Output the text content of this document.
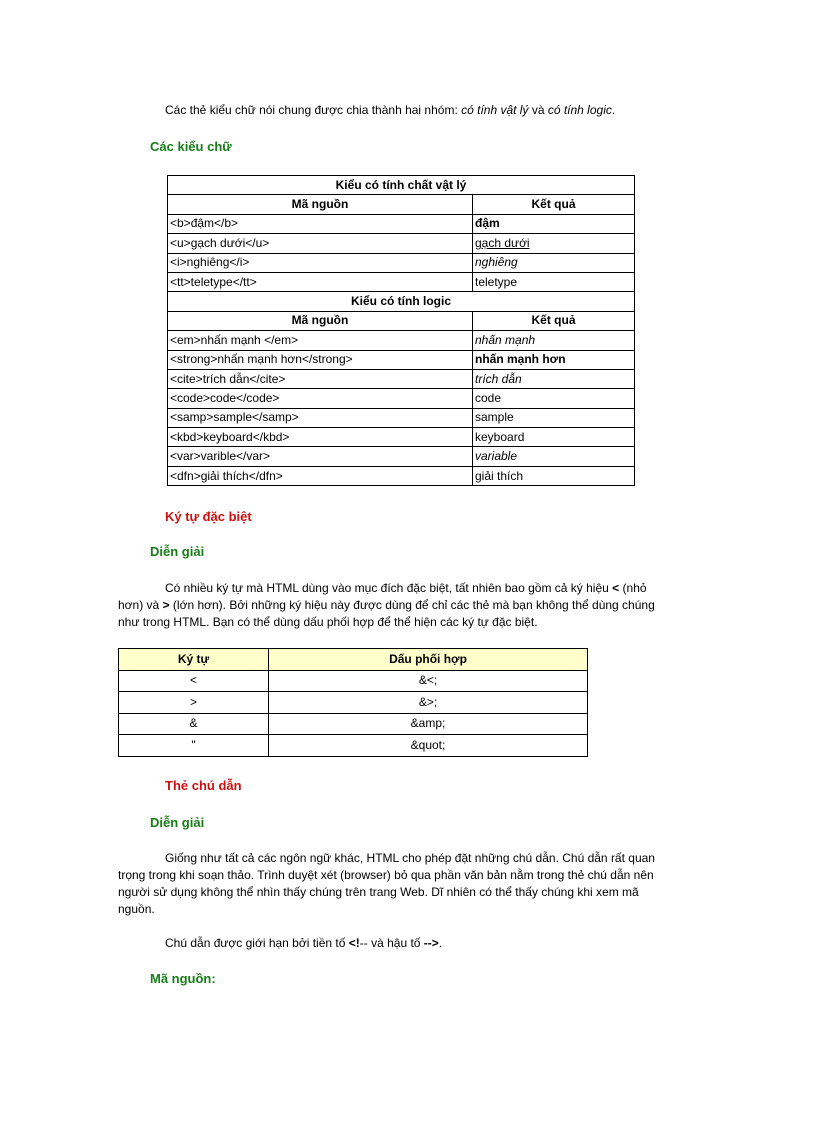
Các thẻ kiểu chữ nói chung được chia thành hai nhóm: có tính vật lý và có tính logic.
Các kiểu chữ
Kiểu có tính chất vật lý	
Mã nguồn	Kết quả
<b>đậm</b>	đậm
<u>gạch dưới</u>	gạch dưới
<i>nghiêng</i>	nghiêng
<tt>teletype</tt>	teletype
Kiểu có tính logic	
Mã nguồn	Kết quả
<em>nhấn mạnh </em>	nhấn mạnh
<strong>nhấn mạnh hơn</strong>	nhấn mạnh hơn
<cite>trích dẫn</cite>	trích dẫn
<code>code</code>	code
<samp>sample</samp>	sample
<kbd>keyboard</kbd>	keyboard
<var>varible</var>	variable
<dfn>giải thích</dfn>	giải thích
Ký tự đặc biệt
Diễn giải
Có nhiều ký tự mà HTML dùng vào mục đích đặc biệt, tất nhiên bao gồm cả ký hiệu < (nhỏ hơn) và > (lớn hơn). Bởi những ký hiệu này được dùng để chỉ các thẻ mà bạn không thể dùng chúng như trong HTML. Bạn có thể dùng dấu phối hợp để thể hiện các ký tự đặc biệt.
Ký tự	Dấu phối hợp
<	&<;
>	&>;
&	&amp;
"	&quot;
Thẻ chú dẫn
Diễn giải
Giống như tất cả các ngôn ngữ khác, HTML cho phép đặt những chú dẫn. Chú dẫn rất quan trọng trong khi soạn thảo. Trình duyệt xét (browser) bỏ qua phần văn bản nằm trong thẻ chú dẫn nên người sử dụng không thể nhìn thấy chúng trên trang Web. Dĩ nhiên có thể thấy chúng khi xem mã nguồn.
Chú dẫn được giới hạn bởi tiền tố <!-- và hậu tố -->.
Mã nguồn:
